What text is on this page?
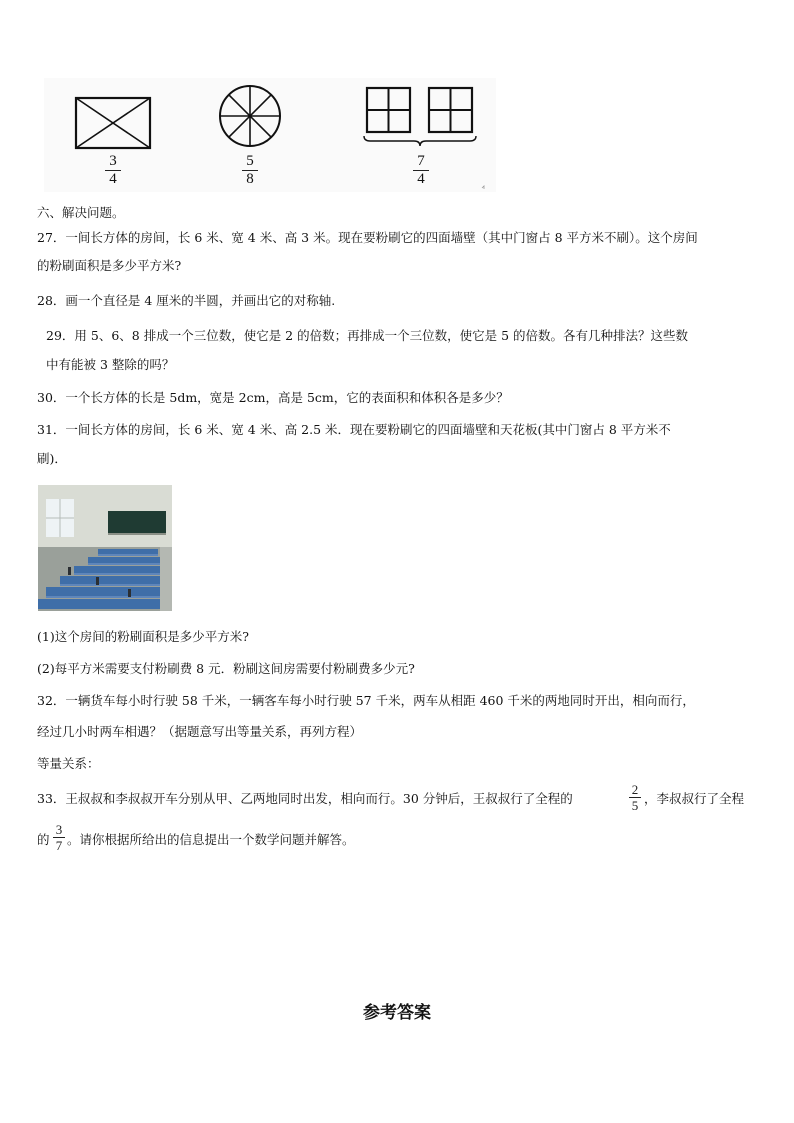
3
4
5
8
7
4
六、解决问题。
27．一间长方体的房间，长 6 米、宽 4 米、高 3 米。现在要粉刷它的四面墙壁（其中门窗占 8 平方米不刷）。这个房间
的粉刷面积是多少平方米?
28．画一个直径是 4 厘米的半圆，并画出它的对称轴.
29．用 5、6、8 排成一个三位数，使它是 2 的倍数；再排成一个三位数，使它是 5 的倍数。各有几种排法？这些数
中有能被 3 整除的吗？
30．一个长方体的长是 5dm，宽是 2cm，高是 5cm，它的表面积和体积各是多少？
31．一间长方体的房间，长 6 米、宽 4 米、高 2.5 米．现在要粉刷它的四面墙壁和天花板(其中门窗占 8 平方米不
刷)．
(1)这个房间的粉刷面积是多少平方米?
(2)每平方米需要支付粉刷费 8 元．粉刷这间房需要付粉刷费多少元?
32．一辆货车每小时行驶 58 千米，一辆客车每小时行驶 57 千米，两车从相距 460 千米的两地同时开出，相向而行，
经过几小时两车相遇？（据题意写出等量关系，再列方程）
等量关系：
33．王叔叔和李叔叔开车分别从甲、乙两地同时出发，相向而行。30 分钟后，王叔叔行了全程的
2
5 ，李叔叔行了全程
的
3
7 。请你根据所给出的信息提出一个数学问题并解答。
参考答案
